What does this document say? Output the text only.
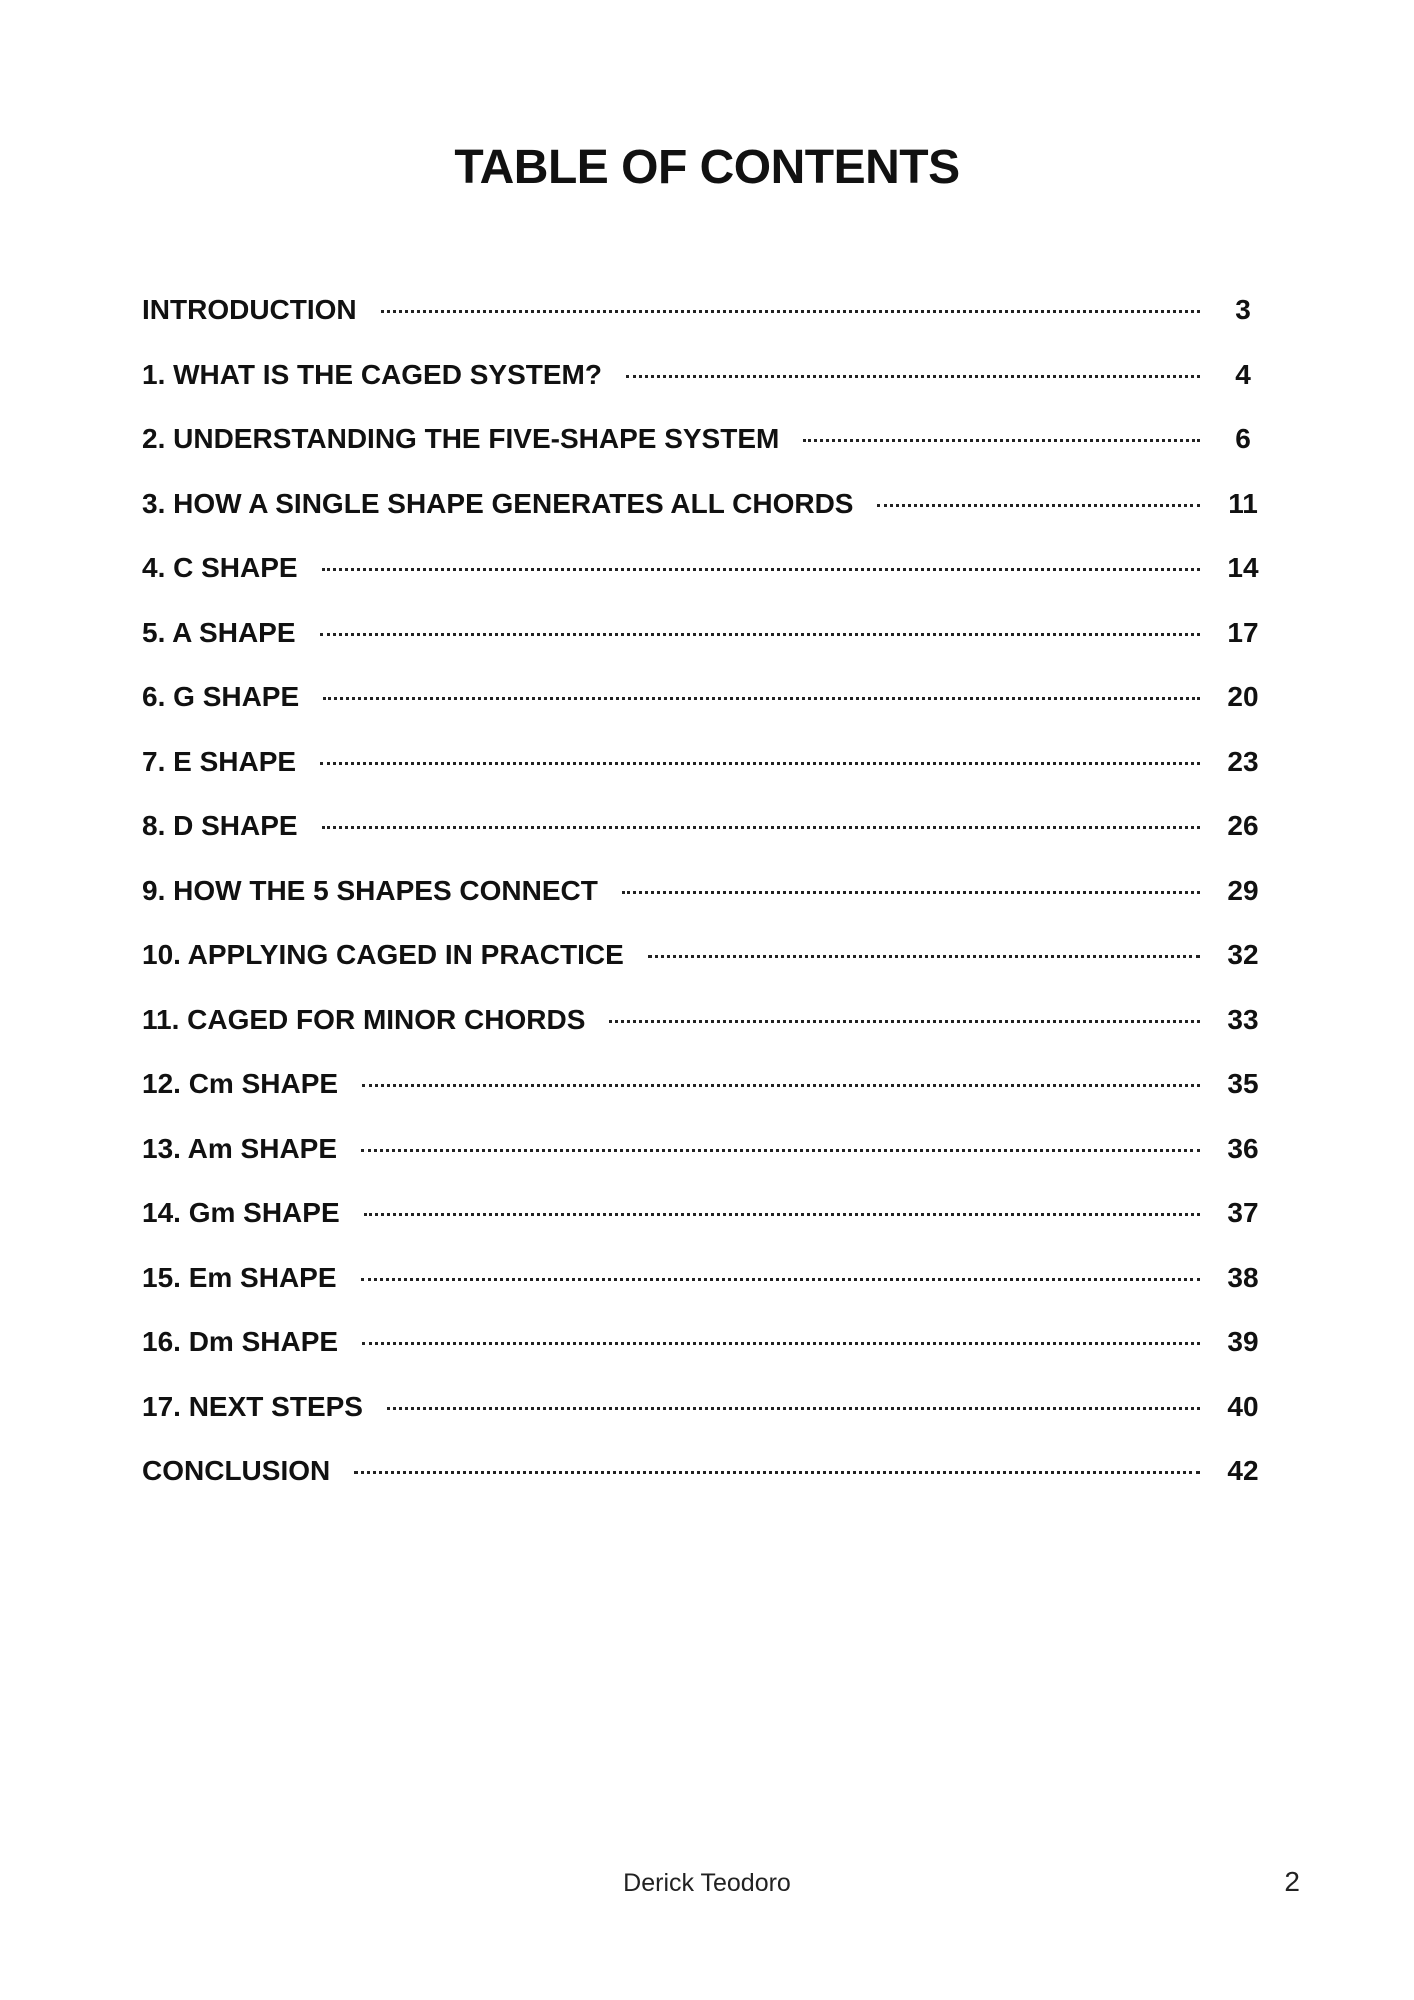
TABLE OF CONTENTS
INTRODUCTION	3
1. WHAT IS THE CAGED SYSTEM?	4
2. UNDERSTANDING THE FIVE-SHAPE SYSTEM	6
3. HOW A SINGLE SHAPE GENERATES ALL CHORDS	11
4. C SHAPE	14
5. A SHAPE	17
6. G SHAPE	20
7. E SHAPE	23
8. D SHAPE	26
9. HOW THE 5 SHAPES CONNECT	29
10. APPLYING CAGED IN PRACTICE	32
11. CAGED FOR MINOR CHORDS	33
12. Cm SHAPE	35
13. Am SHAPE	36
14. Gm SHAPE	37
15. Em SHAPE	38
16. Dm SHAPE	39
17. NEXT STEPS	40
CONCLUSION	42
Derick Teodoro	2
